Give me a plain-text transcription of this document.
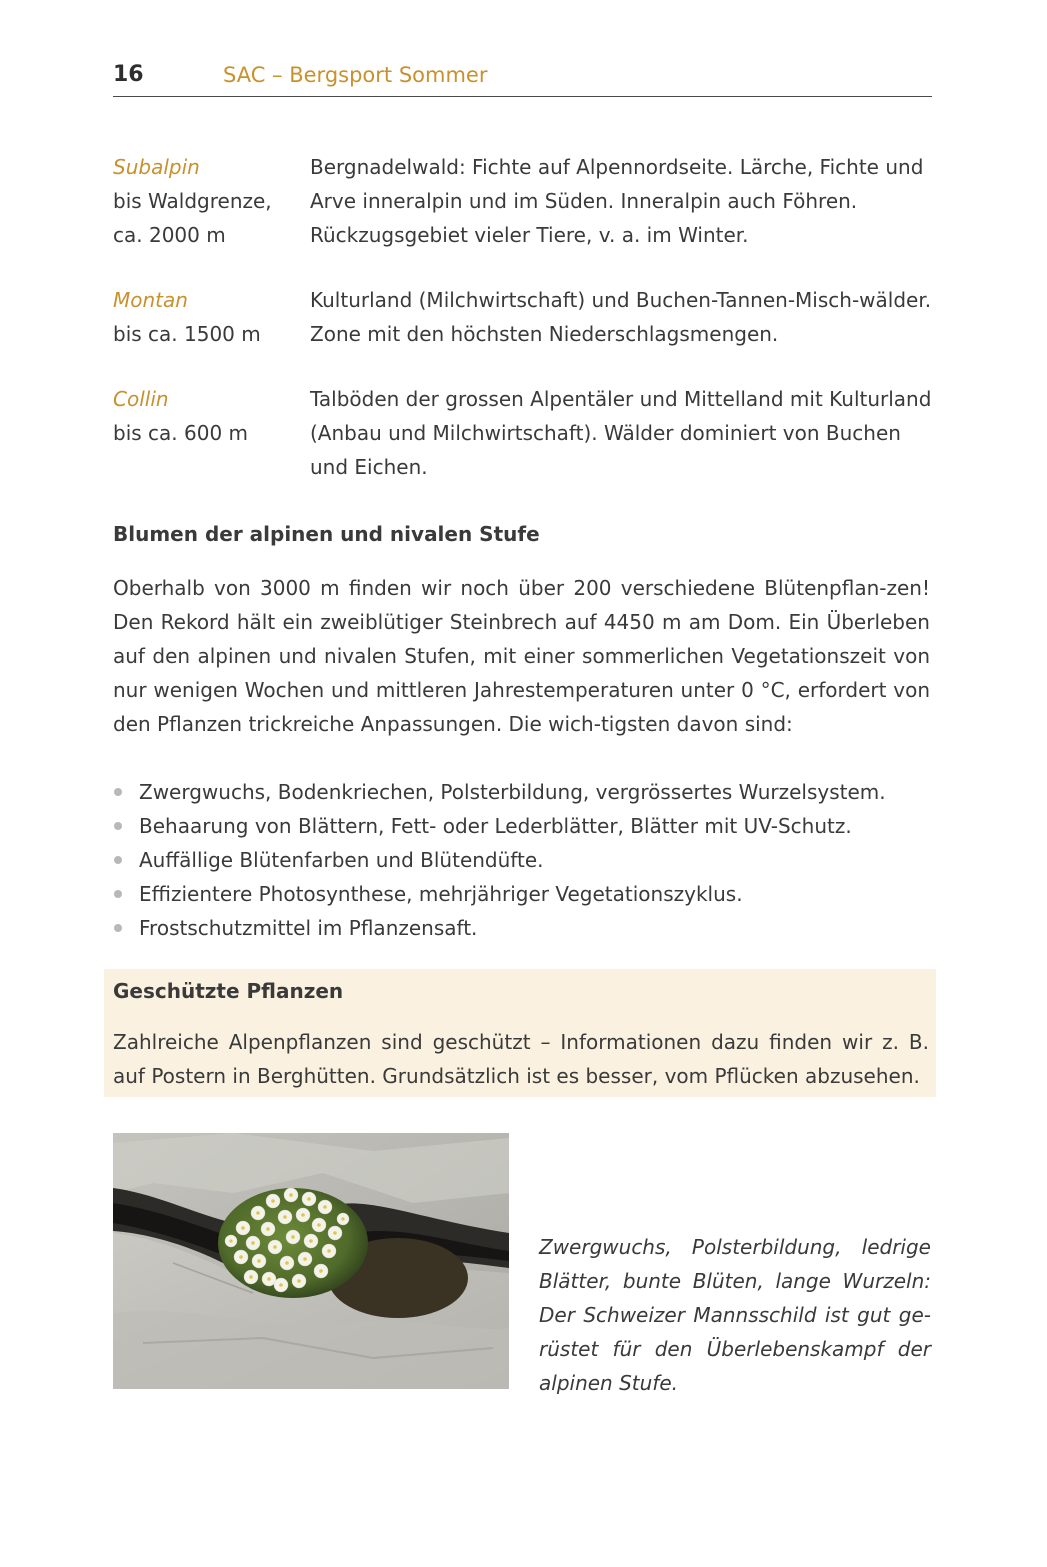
16	SAC – Bergsport Sommer
Subalpin
bis Waldgrenze,
ca. 2000 m
Bergnadelwald: Fichte auf Alpennordseite. Lärche, Fichte und Arve inneralpin und im Süden. Inneralpin auch Föhren. Rückzugsgebiet vieler Tiere, v. a. im Winter.
Montan
bis ca. 1500 m
Kulturland (Milchwirtschaft) und Buchen-Tannen-Misch-wälder. Zone mit den höchsten Niederschlagsmengen.
Collin
bis ca. 600 m
Talböden der grossen Alpentäler und Mittelland mit Kulturland (Anbau und Milchwirtschaft). Wälder dominiert von Buchen und Eichen.
Blumen der alpinen und nivalen Stufe

Oberhalb von 3000 m finden wir noch über 200 verschiedene Blütenpflan-zen! Den Rekord hält ein zweiblütiger Steinbrech auf 4450 m am Dom. Ein Überleben auf den alpinen und nivalen Stufen, mit einer sommerlichen Vegetationszeit von nur wenigen Wochen und mittleren Jahrestemperaturen unter 0 °C, erfordert von den Pflanzen trickreiche Anpassungen. Die wich-tigsten davon sind:

Zwergwuchs, Bodenkriechen, Polsterbildung, vergrössertes Wurzelsystem.
Behaarung von Blättern, Fett- oder Lederblätter, Blätter mit UV-Schutz.
Auffällige Blütenfarben und Blütendüfte.
Effizientere Photosynthese, mehrjähriger Vegetationszyklus.
Frostschutzmittel im Pflanzensaft.
Geschützte Pflanzen

Zahlreiche Alpenpflanzen sind geschützt – Informationen dazu finden wir z. B. auf Postern in Berghütten. Grundsätzlich ist es besser, vom Pflücken abzusehen.

Zwergwuchs, Polsterbildung, ledrige Blätter, bunte Blüten, lange Wurzeln: Der Schweizer Mannsschild ist gut ge-rüstet für den Überlebenskampf der alpinen Stufe.
